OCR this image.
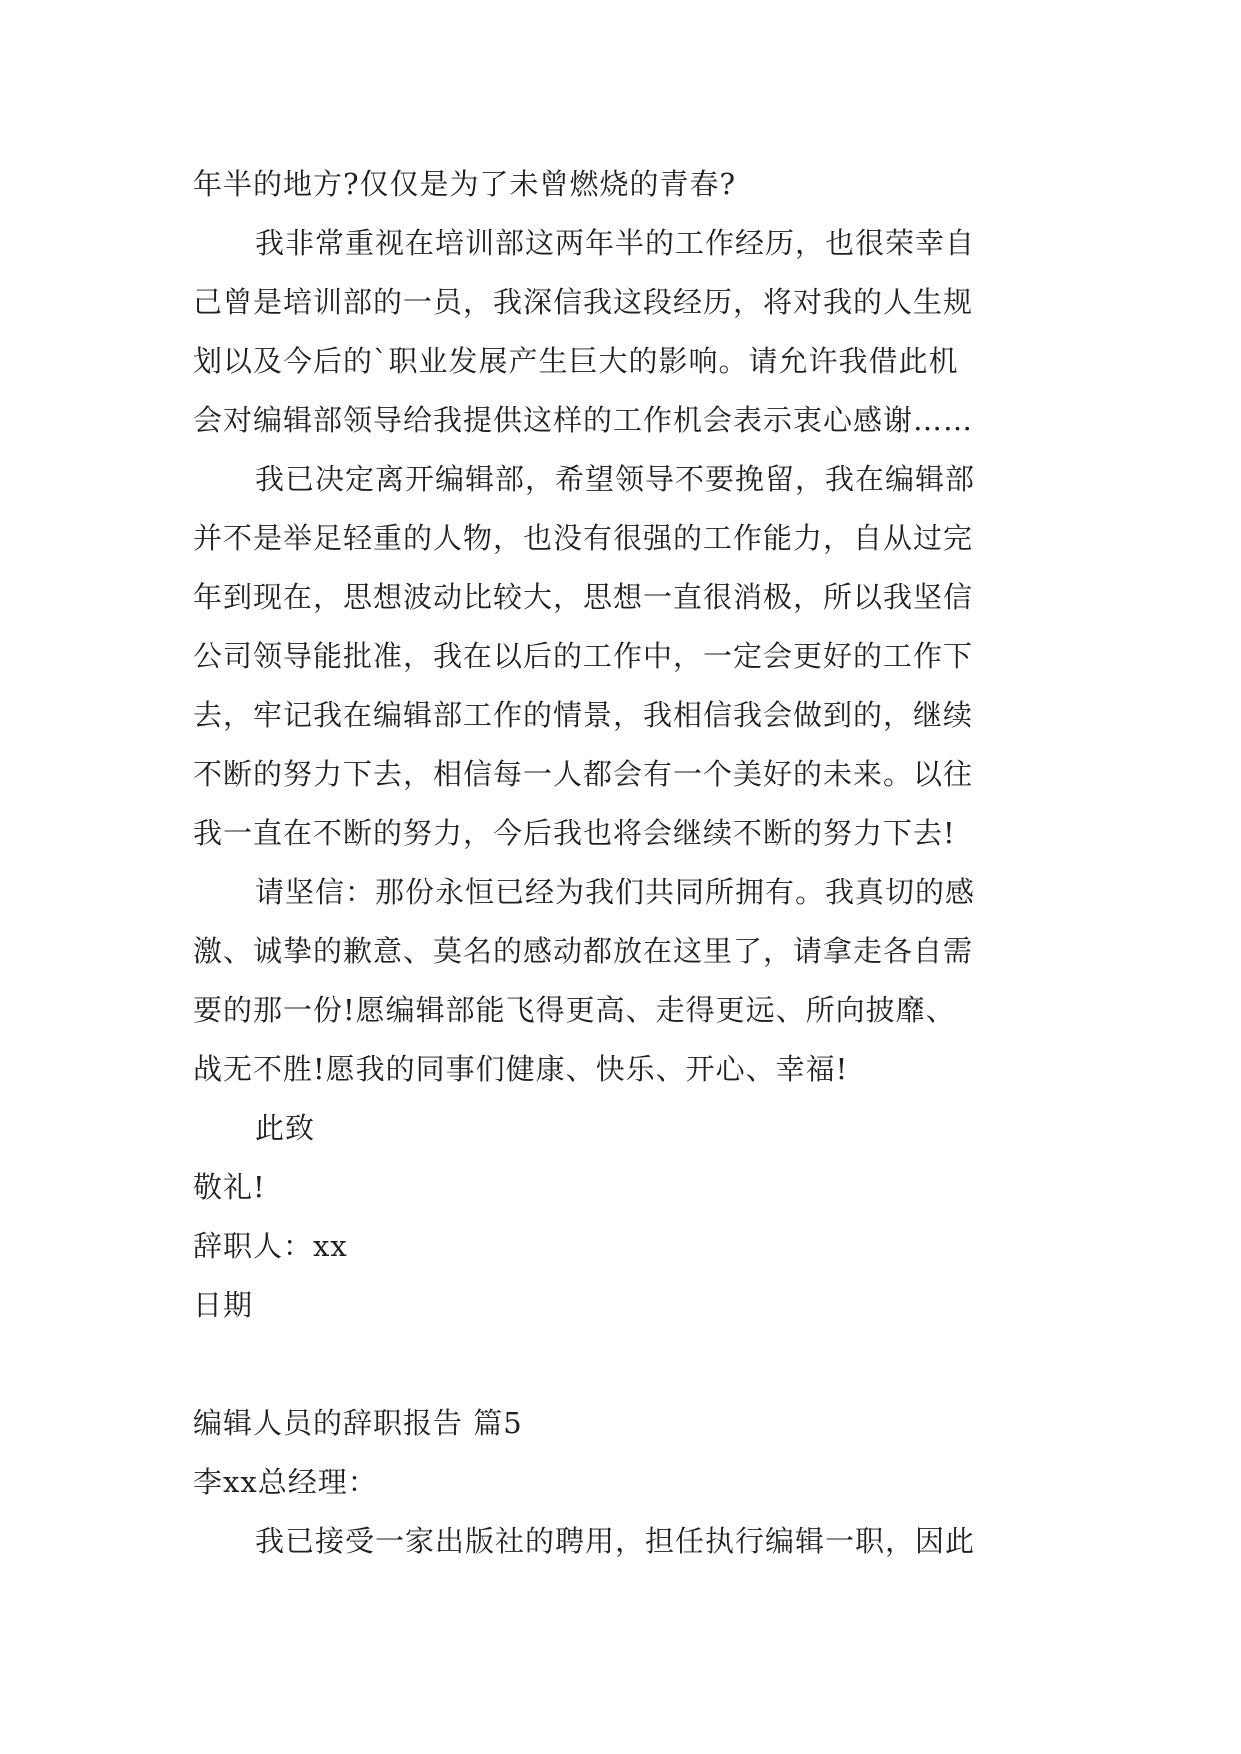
年半的地方?仅仅是为了未曾燃烧的青春?
我非常重视在培训部这两年半的工作经历，也很荣幸自
己曾是培训部的一员，我深信我这段经历，将对我的人生规
划以及今后的`职业发展产生巨大的影响。请允许我借此机
会对编辑部领导给我提供这样的工作机会表示衷心感谢……
我已决定离开编辑部，希望领导不要挽留，我在编辑部
并不是举足轻重的人物，也没有很强的工作能力，自从过完
年到现在，思想波动比较大，思想一直很消极，所以我坚信
公司领导能批准，我在以后的工作中，一定会更好的工作下
去，牢记我在编辑部工作的情景，我相信我会做到的，继续
不断的努力下去，相信每一人都会有一个美好的未来。以往
我一直在不断的努力，今后我也将会继续不断的努力下去!
请坚信：那份永恒已经为我们共同所拥有。我真切的感
激、诚挚的歉意、莫名的感动都放在这里了，请拿走各自需
要的那一份!愿编辑部能飞得更高、走得更远、所向披靡、
战无不胜!愿我的同事们健康、快乐、开心、幸福!
此致
敬礼!
辞职人：xx
日期
编辑人员的辞职报告 篇5
李xx总经理：
我已接受一家出版社的聘用，担任执行编辑一职，因此
